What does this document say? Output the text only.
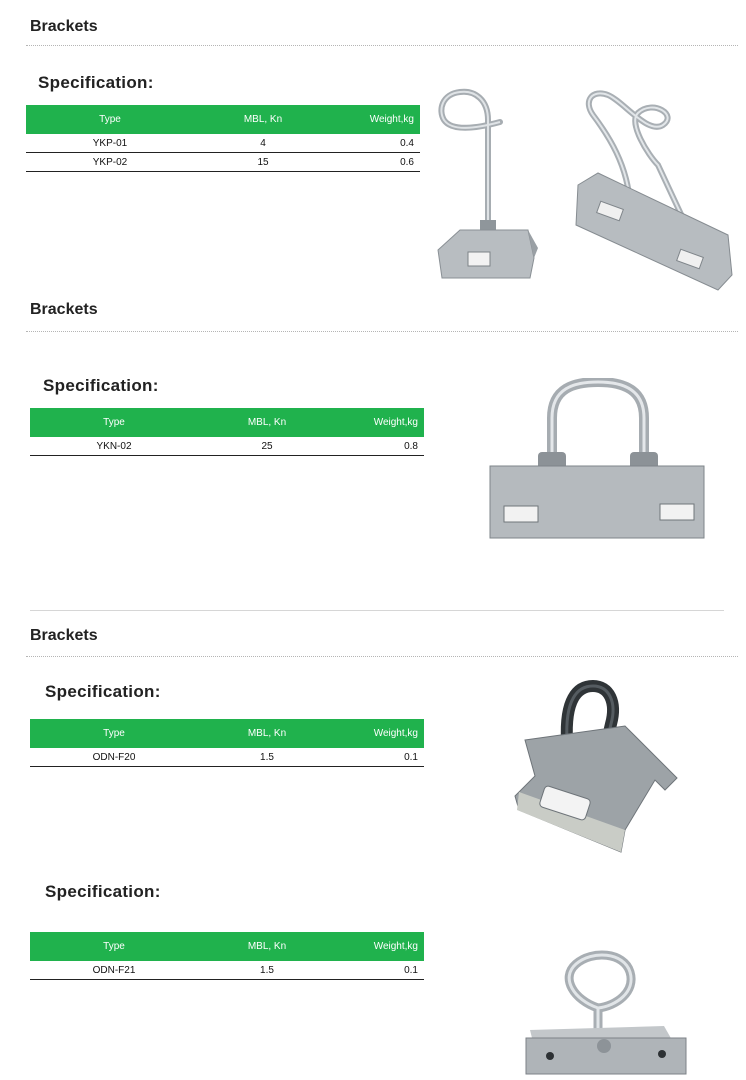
Brackets
Specification:
Type	MBL, Kn	Weight,kg
YKP-01	4	0.4
YKP-02	15	0.6
Brackets
Specification:
Type	MBL, Kn	Weight,kg
YKN-02	25	0.8
Brackets
Specification:
Type	MBL, Kn	Weight,kg
ODN-F20	1.5	0.1
Specification:
Type	MBL, Kn	Weight,kg
ODN-F21	1.5	0.1
